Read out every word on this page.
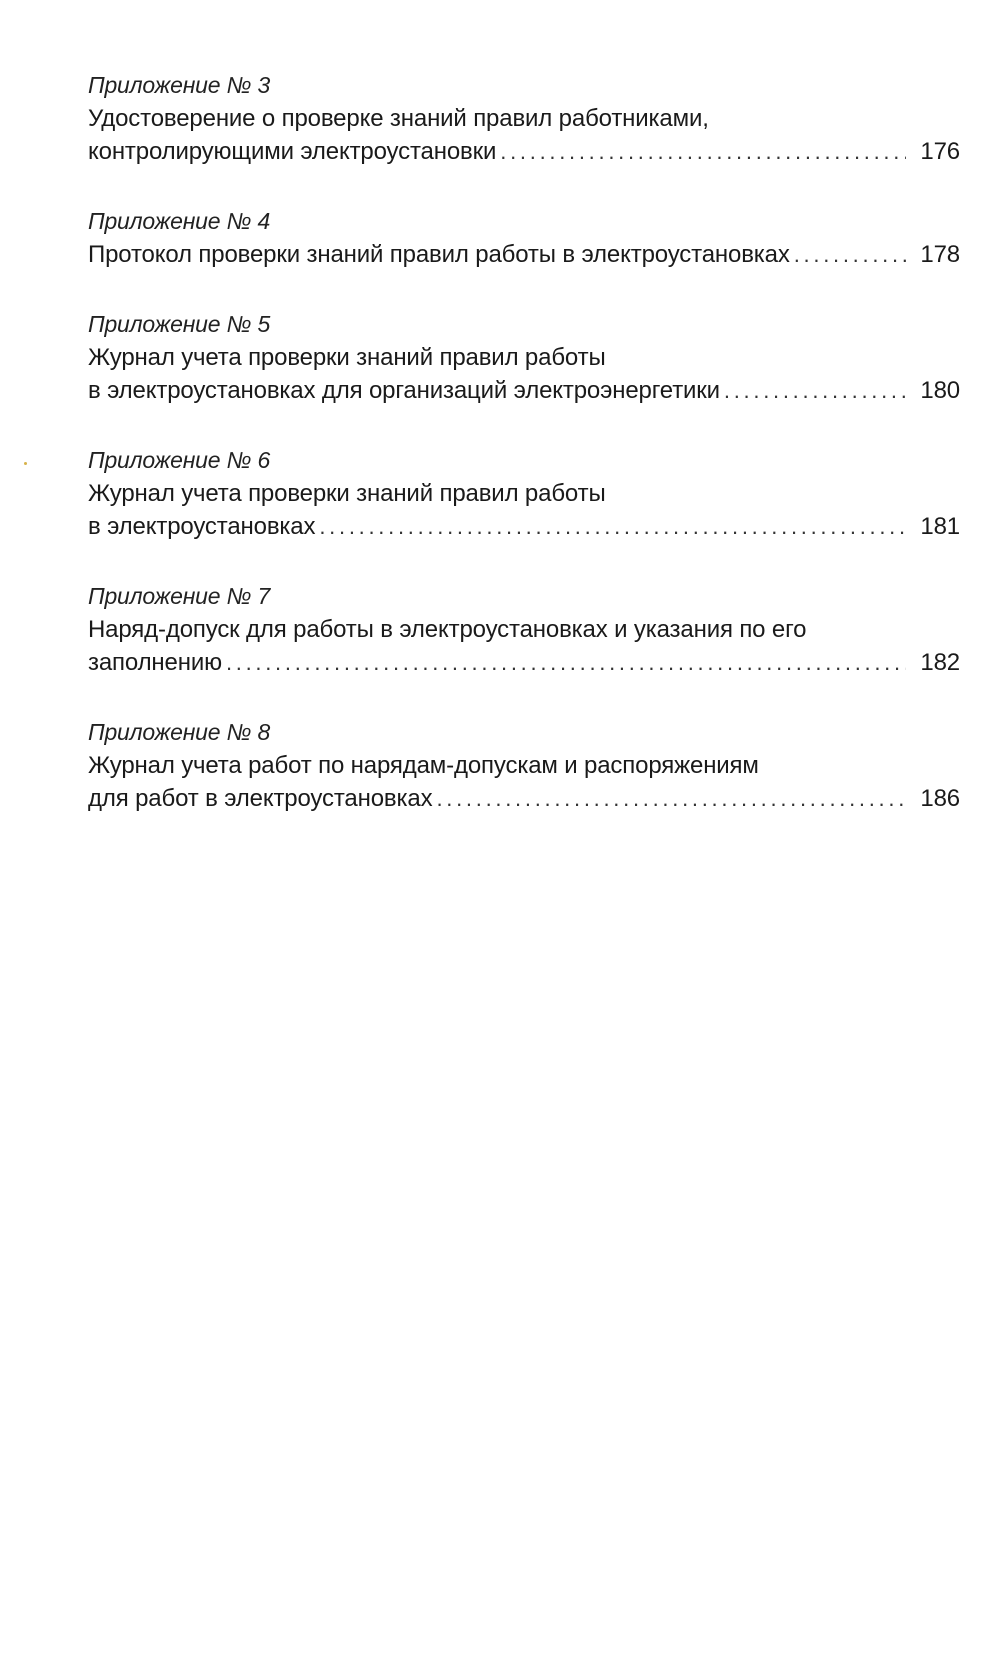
Приложение № 3
Удостоверение о проверке знаний правил работниками,
контролирующими электроустановки . . .	176
Приложение № 4
Протокол проверки знаний правил работы в электроустановках . . .	178
Приложение № 5
Журнал учета проверки знаний правил работы
в электроустановках для организаций электроэнергетики . . .	180
Приложение № 6
Журнал учета проверки знаний правил работы
в электроустановках . . .	181
Приложение № 7
Наряд-допуск для работы в электроустановках и указания по его
заполнению . . .	182
Приложение № 8
Журнал учета работ по нарядам-допускам и распоряжениям
для работ в электроустановках . . .	186
